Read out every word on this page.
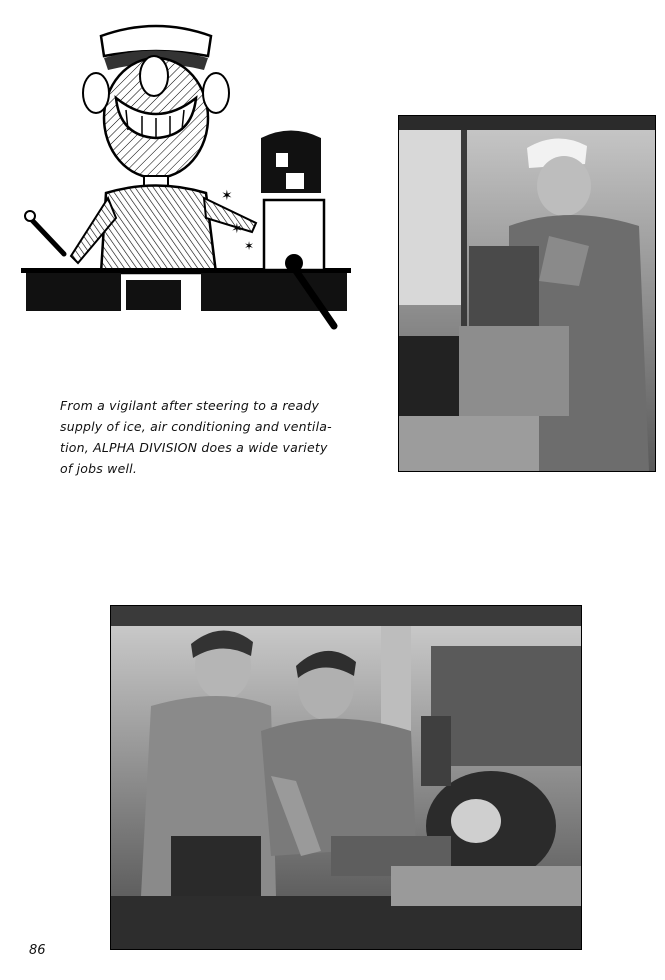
✶
✶
✶
From a vigilant after steering to a ready
supply of ice, air conditioning and ventila-
tion, ALPHA DIVISION does a wide variety
of jobs well.
86
